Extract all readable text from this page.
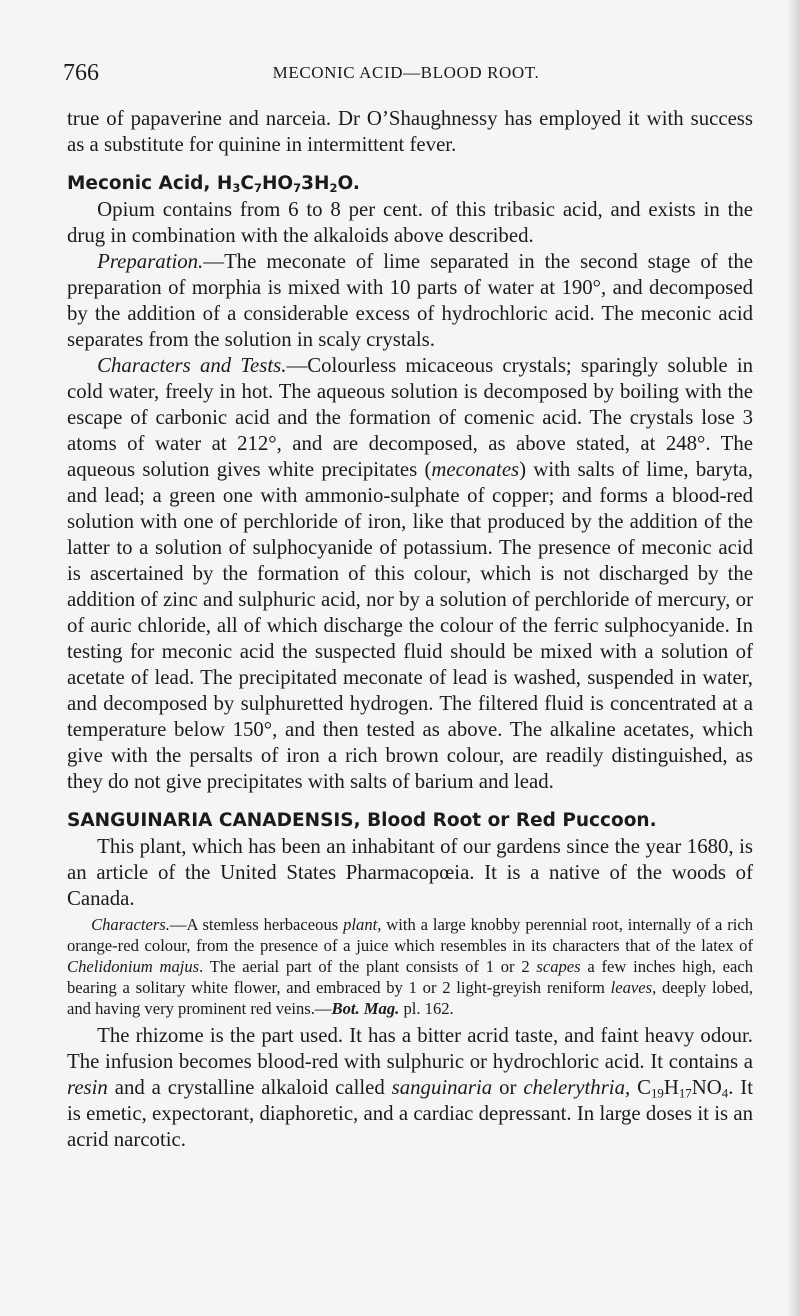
766	MECONIC ACID—BLOOD ROOT.

true of papaverine and narceia. Dr O’Shaughnessy has employed it with success as a substitute for quinine in intermittent fever.

Meconic Acid, $H_3C_7HO_73H_2O$.

Opium contains from 6 to 8 per cent. of this tribasic acid, and exists in the drug in combination with the alkaloids above described.

Preparation.—The meconate of lime separated in the second stage of the preparation of morphia is mixed with 10 parts of water at 190°, and decomposed by the addition of a considerable excess of hydrochloric acid. The meconic acid separates from the solution in scaly crystals.

Characters and Tests.—Colourless micaceous crystals; sparingly soluble in cold water, freely in hot. The aqueous solution is decomposed by boiling with the escape of carbonic acid and the formation of comenic acid. The crystals lose 3 atoms of water at 212°, and are decomposed, as above stated, at 248°. The aqueous solution gives white precipitates (meconates) with salts of lime, baryta, and lead; a green one with ammonio-sulphate of copper; and forms a blood-red solution with one of perchloride of iron, like that produced by the addition of the latter to a solution of sulphocyanide of potassium. The presence of meconic acid is ascertained by the formation of this colour, which is not discharged by the addition of zinc and sulphuric acid, nor by a solution of perchloride of mercury, or of auric chloride, all of which discharge the colour of the ferric sulphocyanide. In testing for meconic acid the suspected fluid should be mixed with a solution of acetate of lead. The precipitated meconate of lead is washed, suspended in water, and decomposed by sulphuretted hydrogen. The filtered fluid is concentrated at a temperature below 150°, and then tested as above. The alkaline acetates, which give with the persalts of iron a rich brown colour, are readily distinguished, as they do not give precipitates with salts of barium and lead.

SANGUINARIA CANADENSIS, Blood Root or Red Puccoon.

This plant, which has been an inhabitant of our gardens since the year 1680, is an article of the United States Pharmacopœia. It is a native of the woods of Canada.

Characters.—A stemless herbaceous plant, with a large knobby perennial root, internally of a rich orange-red colour, from the presence of a juice which resembles in its characters that of the latex of Chelidonium majus. The aerial part of the plant consists of 1 or 2 scapes a few inches high, each bearing a solitary white flower, and embraced by 1 or 2 light-greyish reniform leaves, deeply lobed, and having very prominent red veins.—Bot. Mag. pl. 162.

The rhizome is the part used. It has a bitter acrid taste, and faint heavy odour. The infusion becomes blood-red with sulphuric or hydrochloric acid. It contains a resin and a crystalline alkaloid called sanguinaria or chelerythria, $C_{19}H_{17}NO_4$. It is emetic, expectorant, diaphoretic, and a cardiac depressant. In large doses it is an acrid narcotic.
